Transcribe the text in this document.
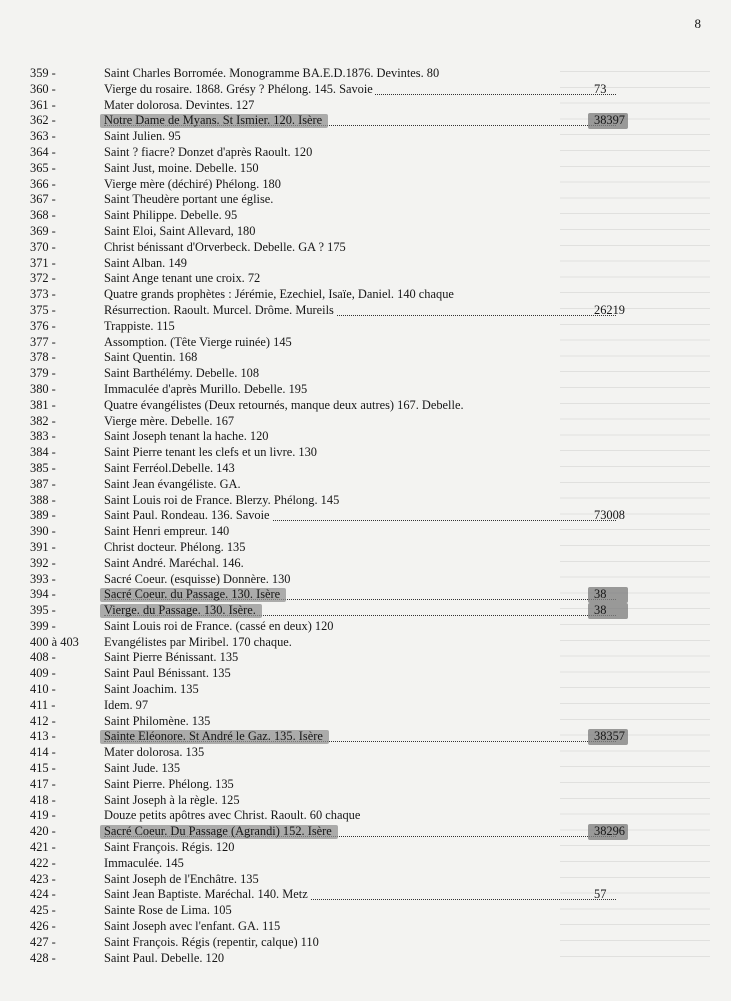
8
359 -	Saint Charles Borromée. Monogramme BA.E.D.1876. Devintes. 80
360 -	Vierge du rosaire. 1868. Grésy ? Phélong. 145. Savoie	73
361 -	Mater dolorosa. Devintes. 127
362 -	Notre Dame de Myans. St Ismier. 120. Isère	38397
363 -	Saint Julien. 95
364 -	Saint ? fiacre? Donzet d'après Raoult. 120
365 -	Saint Just, moine. Debelle. 150
366 -	Vierge mère (déchiré) Phélong. 180
367 -	Saint Theudère portant une église.
368 -	Saint Philippe. Debelle. 95
369 -	Saint Eloi, Saint Allevard, 180
370 -	Christ bénissant d'Orverbeck. Debelle. GA ? 175
371 -	Saint Alban. 149
372 -	Saint Ange tenant une croix. 72
373 -	Quatre grands prophètes : Jérémie, Ezechiel, Isaïe, Daniel. 140 chaque
375 -	Résurrection. Raoult. Murcel. Drôme. Mureils	26219
376 -	Trappiste. 115
377 -	Assomption. (Tête Vierge ruinée) 145
378 -	Saint Quentin. 168
379 -	Saint Barthélémy. Debelle. 108
380 -	Immaculée d'après Murillo. Debelle. 195
381 -	Quatre évangélistes (Deux retournés, manque deux autres) 167. Debelle.
382 -	Vierge mère. Debelle. 167
383 -	Saint Joseph tenant la hache. 120
384 -	Saint Pierre tenant les clefs et un livre. 130
385 -	Saint Ferréol.Debelle. 143
387 -	Saint Jean évangéliste. GA.
388 -	Saint Louis roi de France. Blerzy. Phélong. 145
389 -	Saint Paul. Rondeau. 136. Savoie	73008
390 -	Saint Henri empreur. 140
391 -	Christ docteur. Phélong. 135
392 -	Saint André. Maréchal. 146.
393 -	Sacré Coeur. (esquisse) Donnère. 130
394 -	Sacré Coeur. du Passage. 130. Isère	38
395 -	Vierge. du Passage. 130. Isère.	38
399 -	Saint Louis roi de France. (cassé en deux) 120
400 à 403 Evangélistes par Miribel. 170 chaque.
408 -	Saint Pierre Bénissant. 135
409 -	Saint Paul Bénissant. 135
410 -	Saint Joachim. 135
411 -	Idem. 97
412 -	Saint Philomène. 135
413 -	Sainte Eléonore. St André le Gaz. 135. Isère	38357
414 -	Mater dolorosa. 135
415 -	Saint Jude. 135
417 -	Saint Pierre. Phélong. 135
418 -	Saint Joseph à la règle. 125
419 -	Douze petits apôtres avec Christ. Raoult. 60 chaque
420 -	Sacré Coeur. Du Passage (Agrandi) 152. Isère	38296
421 -	Saint François. Régis. 120
422 -	Immaculée. 145
423 -	Saint Joseph de l'Enchâtre. 135
424 -	Saint Jean Baptiste. Maréchal. 140. Metz	57
425 -	Sainte Rose de Lima. 105
426 -	Saint Joseph avec l'enfant. GA. 115
427 -	Saint François. Régis (repentir, calque) 110
428 -	Saint Paul. Debelle. 120
